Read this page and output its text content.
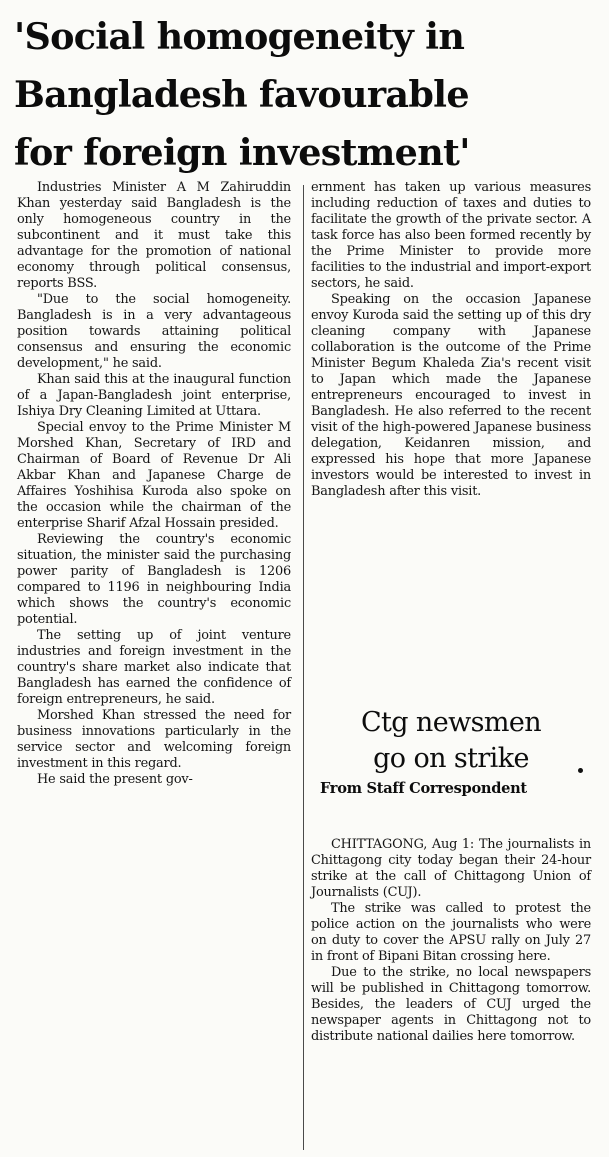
'Social homogeneity in
Bangladesh favourable
for foreign investment'

Industries Minister A M Zahiruddin Khan yesterday said Bangladesh is the only homogeneous country in the subcontinent and it must take this advantage for the promotion of national economy through political consensus, reports BSS.

"Due to the social homogeneity. Bangladesh is in a very advantageous position towards attaining political consensus and ensuring the economic development," he said.

Khan said this at the inaugural function of a Japan-Bangladesh joint enterprise, Ishiya Dry Cleaning Limited at Uttara.

Special envoy to the Prime Minister M Morshed Khan, Secretary of IRD and Chairman of Board of Revenue Dr Ali Akbar Khan and Japanese Charge de Affaires Yoshihisa Kuroda also spoke on the occasion while the chairman of the enterprise Sharif Afzal Hossain presided.

Reviewing the country's economic situation, the minister said the purchasing power parity of Bangladesh is 1206 compared to 1196 in neighbouring India which shows the country's economic potential.

The setting up of joint venture industries and foreign investment in the country's share market also indicate that Bangladesh has earned the confidence of foreign entrepreneurs, he said.

Morshed Khan stressed the need for business innovations particularly in the service sector and welcoming foreign investment in this regard.

He said the present gov-

ernment has taken up various measures including reduction of taxes and duties to facilitate the growth of the private sector. A task force has also been formed recently by the Prime Minister to provide more facilities to the industrial and import-export sectors, he said.

Speaking on the occasion Japanese envoy Kuroda said the setting up of this dry cleaning company with Japanese collaboration is the outcome of the Prime Minister Begum Khaleda Zia's recent visit to Japan which made the Japanese entrepreneurs encouraged to invest in Bangladesh. He also referred to the recent visit of the high-powered Japanese business delegation, Keidanren mission, and expressed his hope that more Japanese investors would be interested to invest in Bangladesh after this visit.

Ctg newsmen
go on strike
From Staff Correspondent

CHITTAGONG, Aug 1: The journalists in Chittagong city today began their 24-hour strike at the call of Chittagong Union of Journalists (CUJ).

The strike was called to protest the police action on the journalists who were on duty to cover the APSU rally on July 27 in front of Bipani Bitan crossing here.

Due to the strike, no local newspapers will be published in Chittagong tomorrow. Besides, the leaders of CUJ urged the newspaper agents in Chittagong not to distribute national dailies here tomorrow.
